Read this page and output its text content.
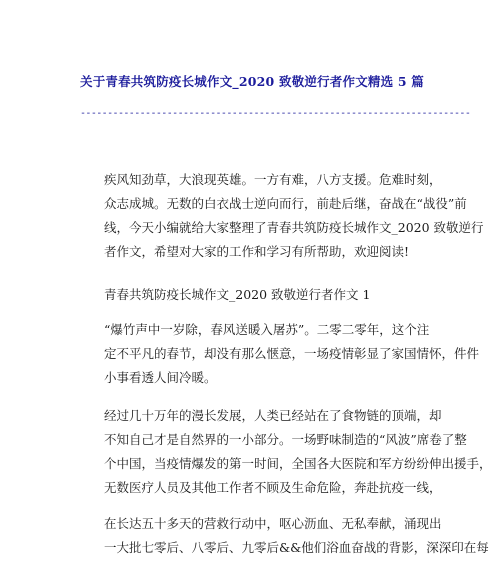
关于青春共筑防疫长城作文_2020 致敬逆行者作文精选 5 篇
------------------------------------------------------------------------
疾风知劲草，大浪现英雄。一方有难，八方支援。危难时刻，
众志成城。无数的白衣战士逆向而行，前赴后继，奋战在“战役”前
线，今天小编就给大家整理了青春共筑防疫长城作文_2020 致敬逆行
者作文，希望对大家的工作和学习有所帮助，欢迎阅读!
青春共筑防疫长城作文_2020 致敬逆行者作文 1
“爆竹声中一岁除，春风送暖入屠苏”。二零二零年，这个注
定不平凡的春节，却没有那么惬意，一场疫情彰显了家国情怀，件件
小事看透人间冷暖。
经过几十万年的漫长发展，人类已经站在了食物链的顶端，却
不知自己才是自然界的一小部分。一场野味制造的“风波”席卷了整
个中国，当疫情爆发的第一时间，全国各大医院和军方纷纷伸出援手，
无数医疗人员及其他工作者不顾及生命危险，奔赴抗疫一线，
在长达五十多天的营救行动中，呕心沥血、无私奉献，涌现出
一大批七零后、八零后、九零后&&他们浴血奋战的背影，深深印在每
